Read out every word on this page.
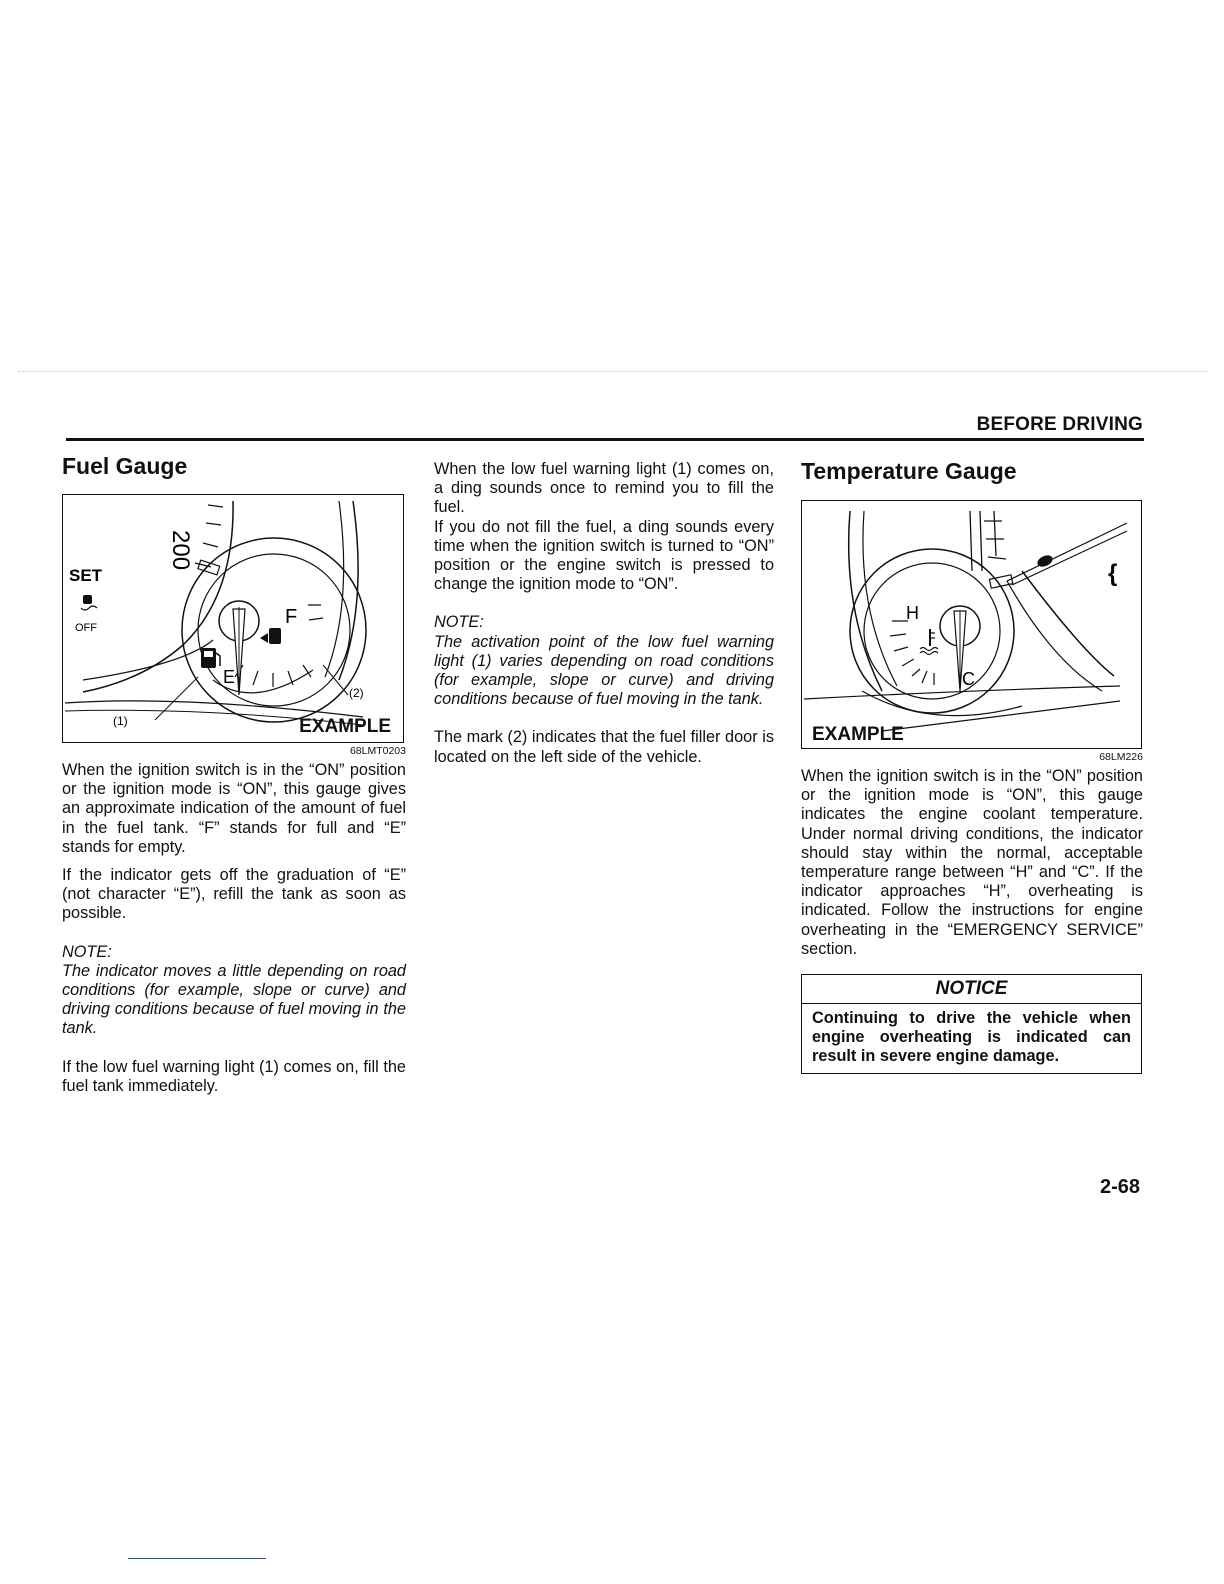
BEFORE DRIVING
Fuel Gauge
200
SET
OFF	F
E
(1)
(2)
EXAMPLE
68LMT0203

When the ignition switch is in the “ON” position or the ignition mode is “ON”, this gauge gives an approximate indication of the amount of fuel in the fuel tank. “F” stands for full and “E” stands for empty.

If the indicator gets off the graduation of “E” (not character “E”), refill the tank as soon as possible.

NOTE:

The indicator moves a little depending on road conditions (for example, slope or curve) and driving conditions because of fuel moving in the tank.

If the low fuel warning light (1) comes on, fill the fuel tank immediately.

When the low fuel warning light (1) comes on, a ding sounds once to remind you to fill the fuel.

If you do not fill the fuel, a ding sounds every time when the ignition switch is turned to “ON” position or the engine switch is pressed to change the ignition mode to “ON”.

NOTE:

The activation point of the low fuel warning light (1) varies depending on road conditions (for example, slope or curve) and driving conditions because of fuel moving in the tank.

The mark (2) indicates that the fuel filler door is located on the left side of the vehicle.

Temperature Gauge
{
H
C
EXAMPLE
68LM226

When the ignition switch is in the “ON” position or the ignition mode is “ON”, this gauge indicates the engine coolant temperature. Under normal driving conditions, the indicator should stay within the normal, acceptable temperature range between “H” and “C”. If the indicator approaches “H”, overheating is indicated. Follow the instructions for engine overheating in the “EMERGENCY SERVICE” section.

NOTICE
Continuing to drive the vehicle when engine overheating is indicated can result in severe engine damage.
2-68
